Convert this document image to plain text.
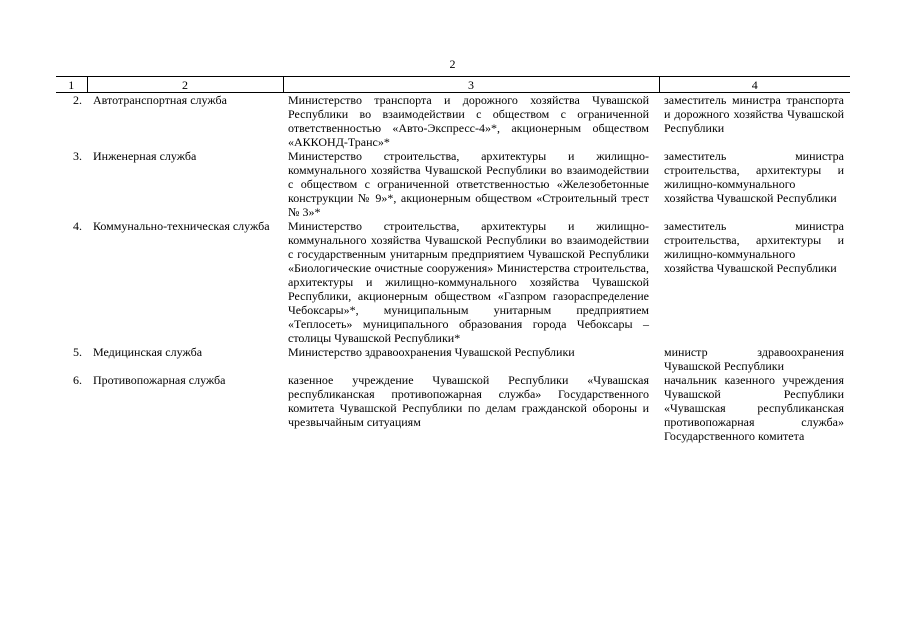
2
1	2	3	4
2.	Автотранспортная служба	Министерство транспорта и дорожного хозяйства Чувашской Республики во взаимодействии с обществом с ограниченной ответственностью «Авто-Экспресс-4»*, акционерным обществом «АККОНД-Транс»*	заместитель министра транспорта и дорожного хозяйства Чувашской Республики
3.	Инженерная служба	Министерство строительства, архитектуры и жилищно-коммунального хозяйства Чувашской Республики во взаимодействии с обществом с ограниченной ответственностью «Железобетонные конструкции № 9»*, акционерным обществом «Строительный трест № 3»*	заместитель министра строительства, архитектуры и жилищно-коммунального хозяйства Чувашской Республики
4.	Коммунально-техническая служба	Министерство строительства, архитектуры и жилищно-коммунального хозяйства Чувашской Республики во взаимодействии с государственным унитарным предприятием Чувашской Республики «Биологические очистные сооружения» Министерства строительства, архитектуры и жилищно-коммунального хозяйства Чувашской Республики, акционерным обществом «Газпром газораспределение Чебоксары»*, муниципальным унитарным предприятием «Теплосеть» муниципального образования города Чебоксары – столицы Чувашской Республики*	заместитель министра строительства, архитектуры и жилищно-коммунального хозяйства Чувашской Республики
5.	Медицинская служба	Министерство здравоохранения Чувашской Республики	министр здравоохранения Чувашской Республики
6.	Противопожарная служба	казенное учреждение Чувашской Республики «Чувашская республиканская противопожарная служба» Государственного комитета Чувашской Республики по делам гражданской обороны и чрезвычайным ситуациям	начальник казенного учреждения Чувашской Республики «Чувашская республиканская противопожарная служба» Государственного комитета
